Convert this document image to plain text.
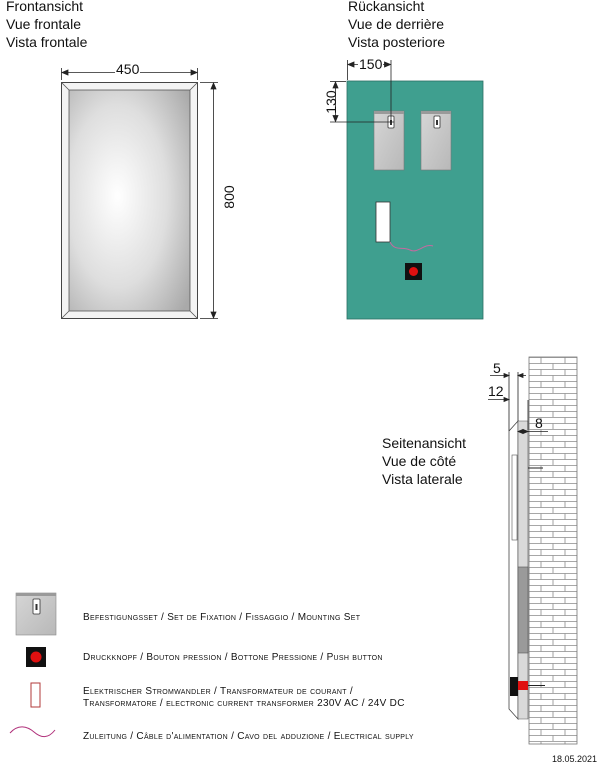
Frontansicht
Vue frontale
Vista frontale
Rückansicht
Vue de derrière
Vista posteriore
Seitenansicht
Vue de côté
Vista laterale
450
800
150
130
5
12
8
Befestigungsset / Set de Fixation / Fissaggio / Mounting Set
Druckknopf / Bouton pression / Bottone Pressione / Push button
Elektrischer Stromwandler / Transformateur de courant /
Transformatore / electronic current transformer 230V AC / 24V DC
Zuleitung / Câble d'alimentation / Cavo del adduzione / Electrical supply
18.05.2021
